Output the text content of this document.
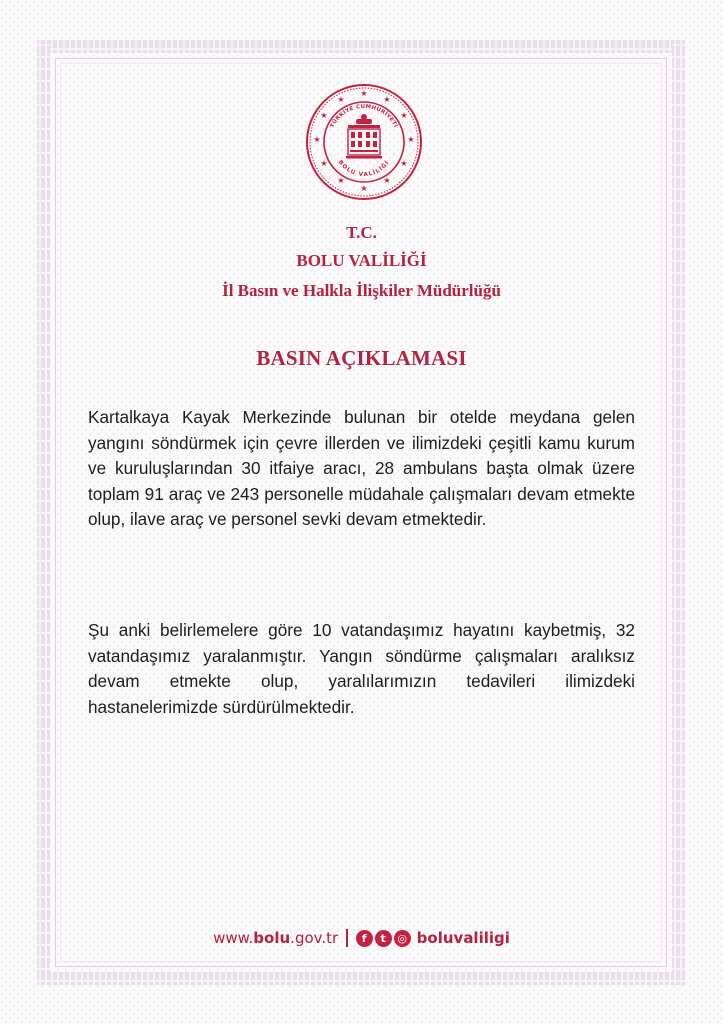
TÜRKİYE CUMHURİYETİ
BOLU VALİLİĞİ
★
★
★
★
★
★
★
★
★
★
★
★
T.C.
BOLU VALİLİĞİ
İl Basın ve Halkla İlişkiler Müdürlüğü
BASIN AÇIKLAMASI

Kartalkaya Kayak Merkezinde bulunan bir otelde meydana gelen yangını söndürmek için çevre illerden ve ilimizdeki çeşitli kamu kurum ve kuruluşlarından 30 itfaiye aracı, 28 ambulans başta olmak üzere toplam 91 araç ve 243 personelle müdahale çalışmaları devam etmekte olup, ilave araç ve personel sevki devam etmektedir.

Şu anki belirlemelere göre 10 vatandaşımız hayatını kaybetmiş, 32 vatandaşımız yaralanmıştır. Yangın söndürme çalışmaları aralıksız devam etmekte olup, yaralılarımızın tedavileri ilimizdeki hastanelerimizde sürdürülmektedir.

www. bolu .gov.tr	f	t	◎ boluvaliligi
